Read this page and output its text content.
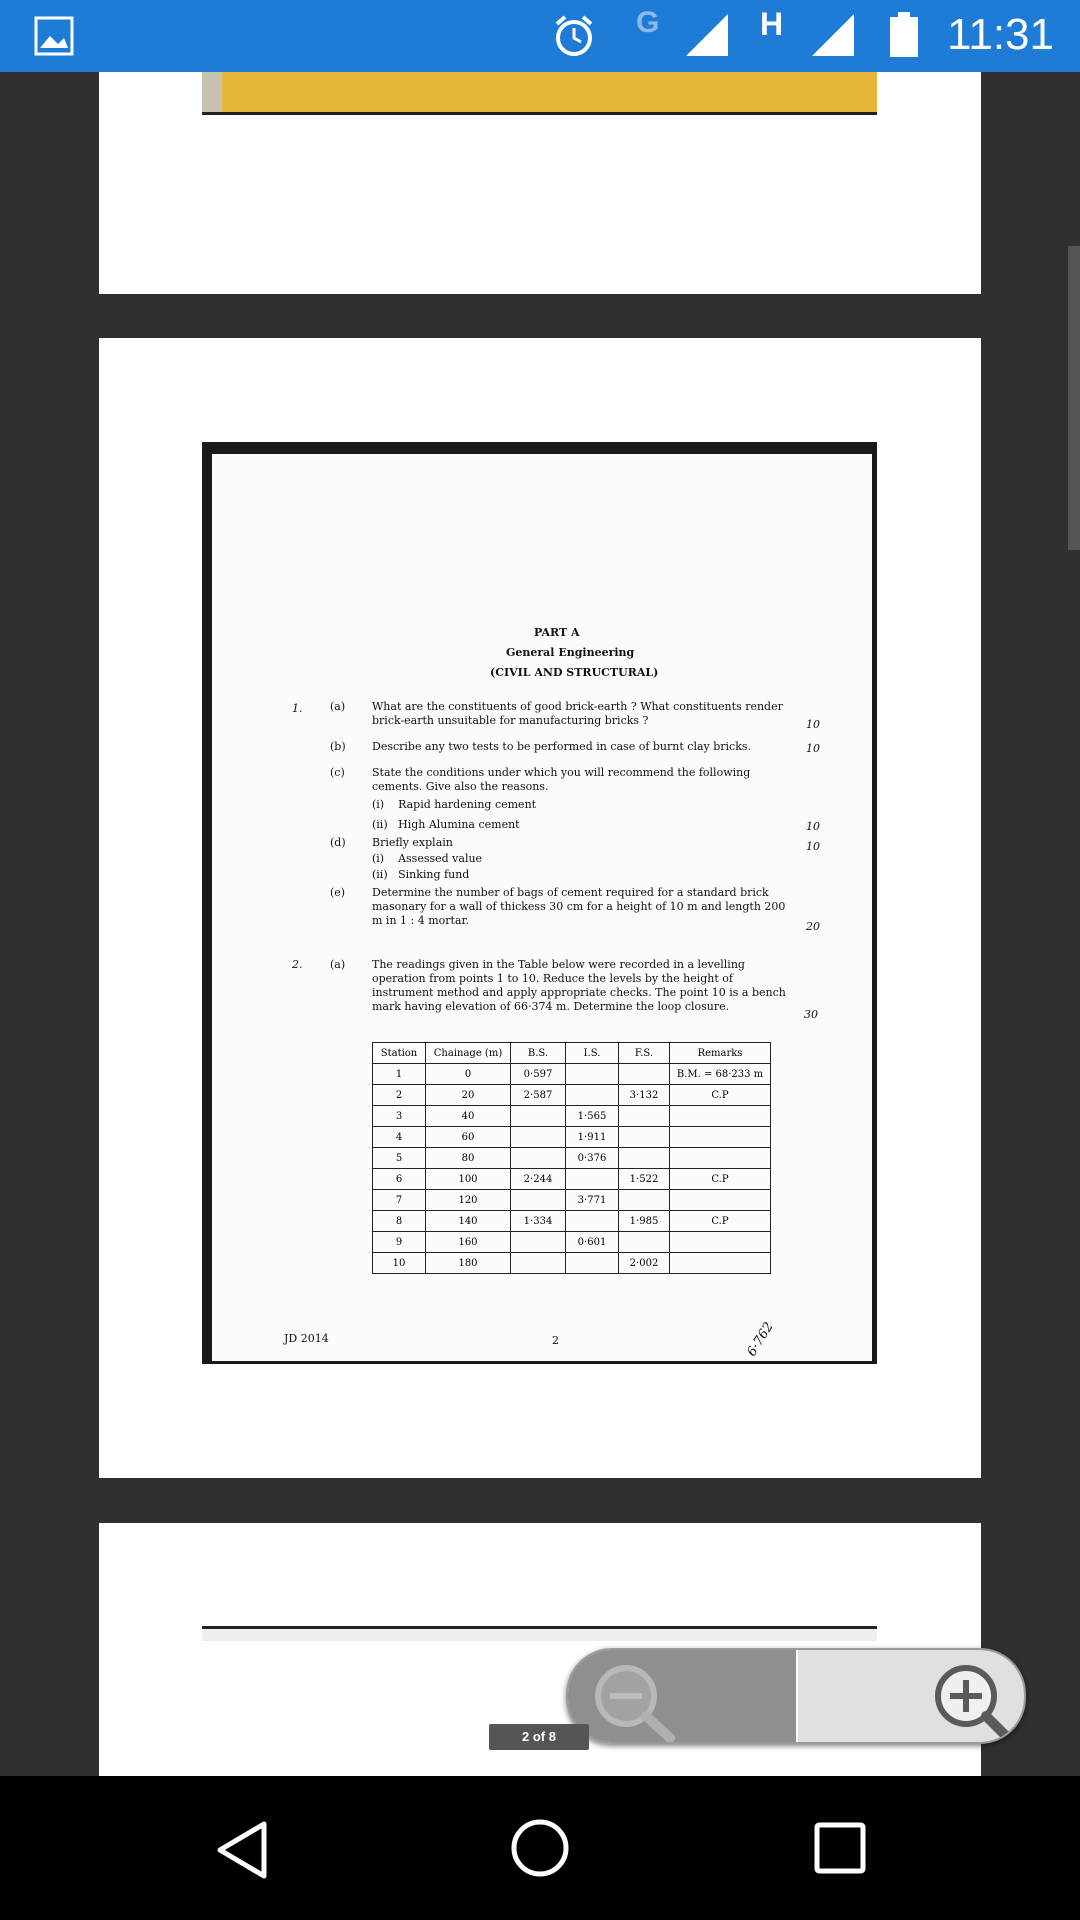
G	H	11:31
PART A
General Engineering
(CIVIL AND STRUCTURAL)
1.	(a) What are the constituents of good brick-earth ? What constituents render brick-earth unsuitable for manufacturing bricks ?	10
(b) Describe any two tests to be performed in case of burnt clay bricks.	10
(c) State the conditions under which you will recommend the following cements. Give also the reasons.
(i)    Rapid hardening cement
(ii)   High Alumina cement	10
(d) Briefly explain
(i)    Assessed value
(ii)   Sinking fund
10
(e) Determine the number of bags of cement required for a standard brick masonary for a wall of thickess 30 cm for a height of 10 m and length 200 m in 1 : 4 mortar.	20
2.	(a) The readings given in the Table below were recorded in a levelling operation from points 1 to 10. Reduce the levels by the height of instrument method and apply appropriate checks. The point 10 is a bench mark having elevation of 66·374 m. Determine the loop closure.
30
Station	Chainage (m)	B.S.	I.S.	F.S.	Remarks
1	0	0·597			B.M. = 68·233 m
2	20	2·587		3·132	C.P
3	40		1·565		
4	60		1·911		
5	80		0·376		
6	100	2·244		1·522	C.P
7	120		3·771		
8	140	1·334		1·985	C.P
9	160		0·601		
10	180			2·002	
JD 2014	2	6·762
2 of 8
